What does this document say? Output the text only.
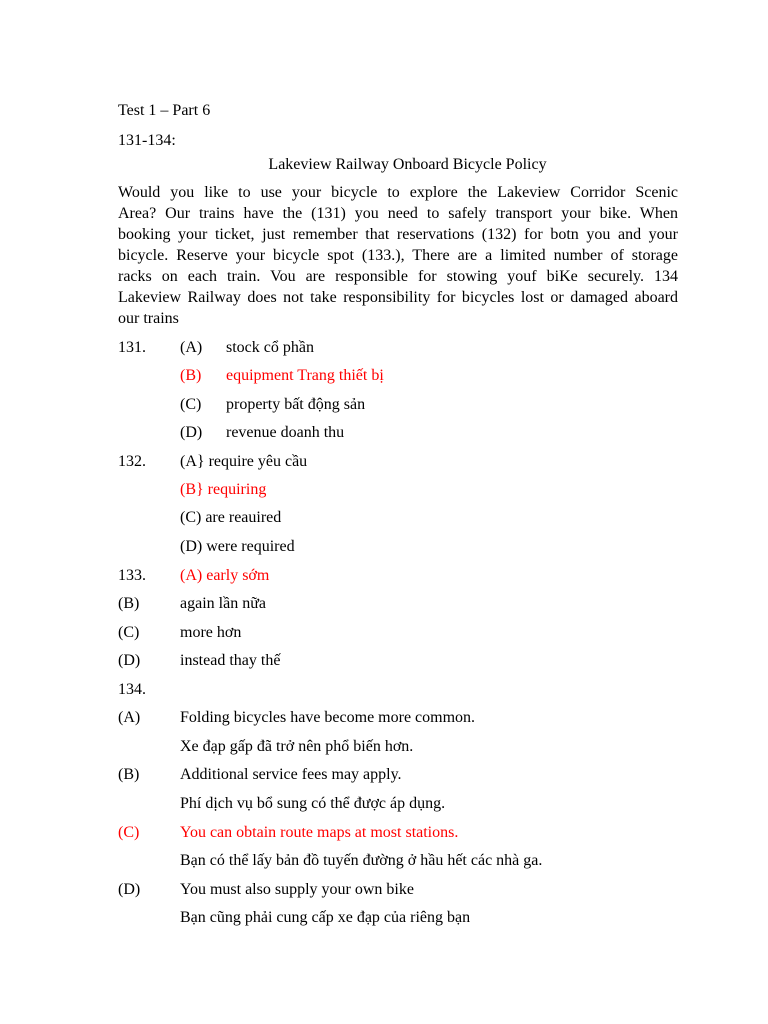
Test 1 – Part 6
131-134:
Lakeview Railway Onboard Bicycle Policy
Would you like to use your bicycle to explore the Lakeview Corridor Scenic
Area? Our trains have the (131) you need to safely transport your bike. When
booking your ticket, just remember that reservations (132) for botn you and your
bicycle. Reserve your bicycle spot (133.), There are a limited number of storage
racks on each train. Vou are responsible for stowing youf biKe securely. 134
Lakeview Railway does not take responsibility for bicycles lost or damaged aboard
our trains
131. (A) stock cổ phần
(B) equipment Trang thiết bị
(C) property bất động sản
(D) revenue doanh thu
132. (A} require yêu cầu
(B} requiring
(C) are reauired
(D) were required
133. (A) early sớm
(B)	again lần nữa
(C)	more hơn
(D) instead thay thế
134.
(A) Folding bicycles have become more common.
Xe đạp gấp đã trở nên phổ biến hơn.
(B)	Additional service fees may apply.
Phí dịch vụ bổ sung có thể được áp dụng.
(C)	You can obtain route maps at most stations.
Bạn có thể lấy bản đồ tuyến đường ở hầu hết các nhà ga.
(D) You must also supply your own bike
Bạn cũng phải cung cấp xe đạp của riêng bạn
